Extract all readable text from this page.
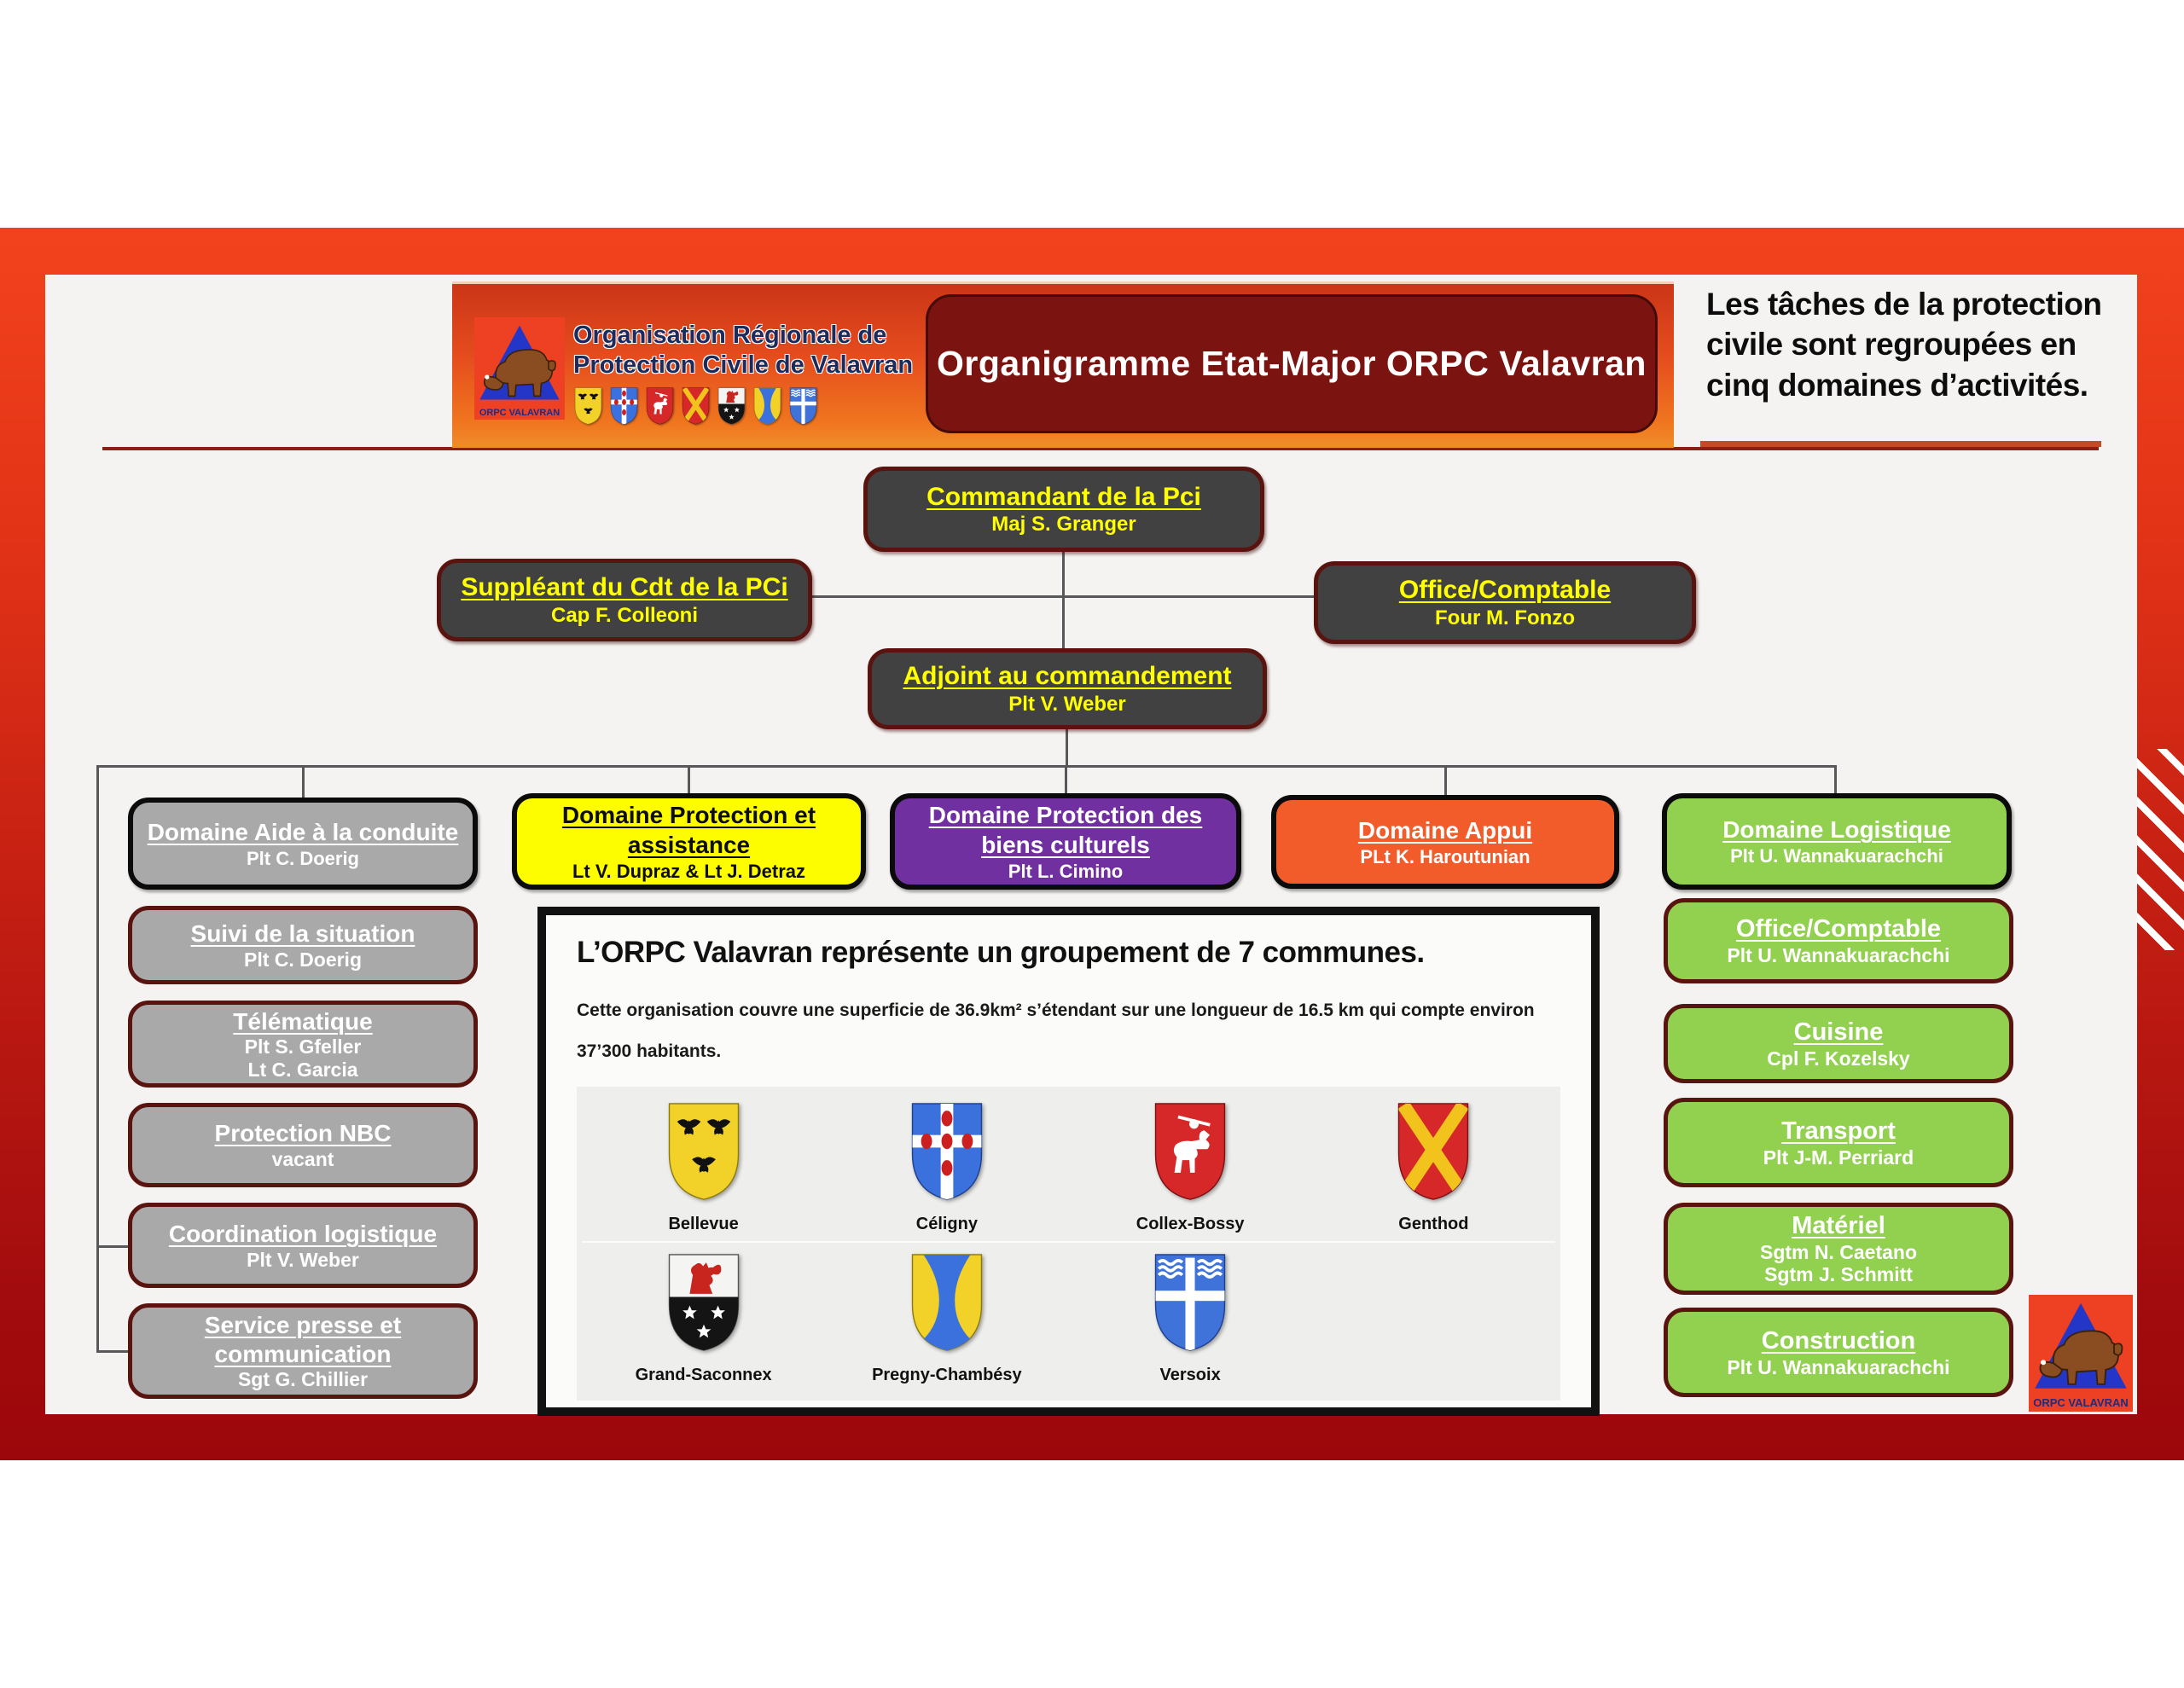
ORPC VALAVRAN
Organisation Régionale de
Protection Civile de Valavran Organigramme Etat-Major ORPC Valavran
Les tâches de la protection civile sont regroupées en cinq domaines d’activités.
Commandant de la Pci
Maj S. Granger
Suppléant du Cdt de la PCi
Cap F. Colleoni
Office/Comptable
Four M. Fonzo
Adjoint au commandement
Plt V. Weber
Domaine Aide à la conduite
Plt C. Doerig
Domaine Protection et assistance
Lt V. Dupraz & Lt J. Detraz
Domaine Protection des biens culturels
Plt L. Cimino
Domaine Appui
PLt K. Haroutunian
Domaine Logistique
Plt U. Wannakuarachchi
Suivi de la situation
Plt C. Doerig
Télématique
Plt S. Gfeller
Lt C. Garcia
Protection NBC
vacant
Coordination logistique
Plt V. Weber
Service presse et communication
Sgt G. Chillier
Office/Comptable
Plt U. Wannakuarachchi
Cuisine
Cpl F. Kozelsky
Transport
Plt J-M. Perriard
Matériel
Sgtm N. Caetano
Sgtm J. Schmitt
Construction
Plt U. Wannakuarachchi
L’ORPC Valavran représente un groupement de 7 communes.
Cette organisation couvre une superficie de 36.9km² s’étendant sur une longueur de 16.5 km qui compte environ 37’300 habitants.
Bellevue	Céligny	Collex-Bossy	Genthod
Grand-Saconnex	Pregny-Chambésy	Versoix
ORPC VALAVRAN
